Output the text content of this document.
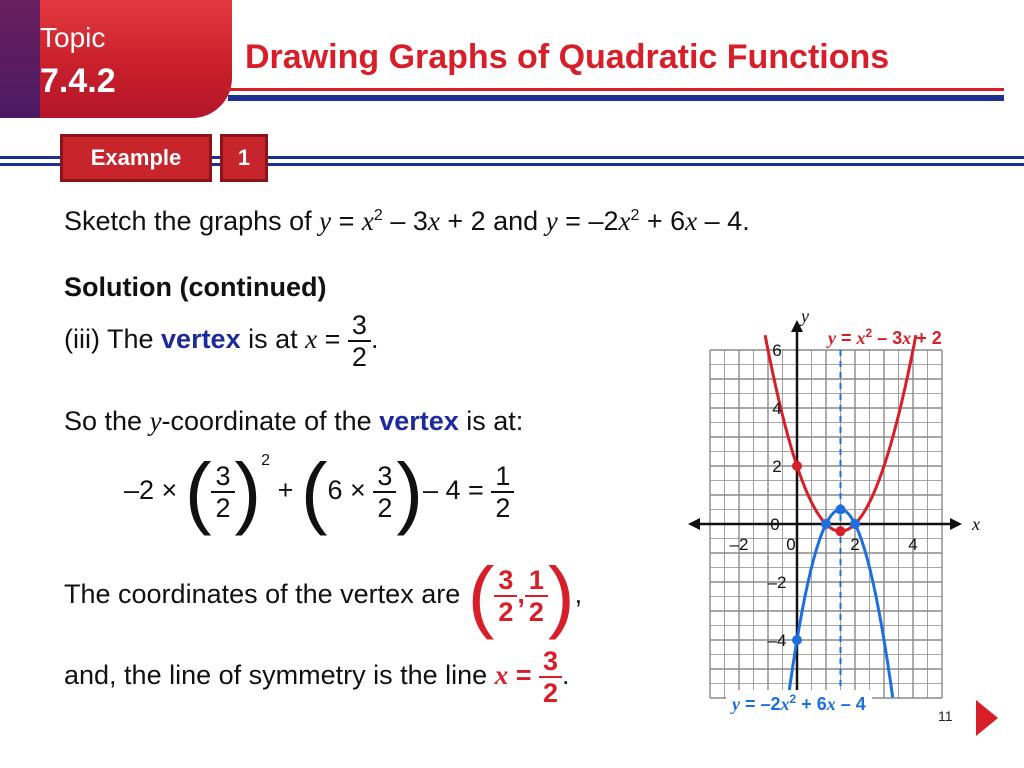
Topic
7.4.2
Drawing Graphs of Quadratic Functions
Example	1
Sketch the graphs of $y = x^2 - 3x + 2$ and $y = -2x^2 + 6x - 4$.
Solution (continued)
(iii) The vertex is at $x = \frac{3}{2}$ .
So the y-coordinate of the vertex is at:
–2 × ( $\frac{3}{2} )^2 + (6 \times \frac{3}{2}$ )– $4 = \frac{1}{2}$
The coordinates of the vertex are ( $\frac{3}{2}$ , $\frac{1}{2}$ ),
and, the line of symmetry is the line $x = \frac{3}{2}$ .
–2 0	2	4
6
4
2
0
–2
–4
x
y
$y = x^2 - 3x + 2$
$y = -2x^2 + 6x - 4$
11
